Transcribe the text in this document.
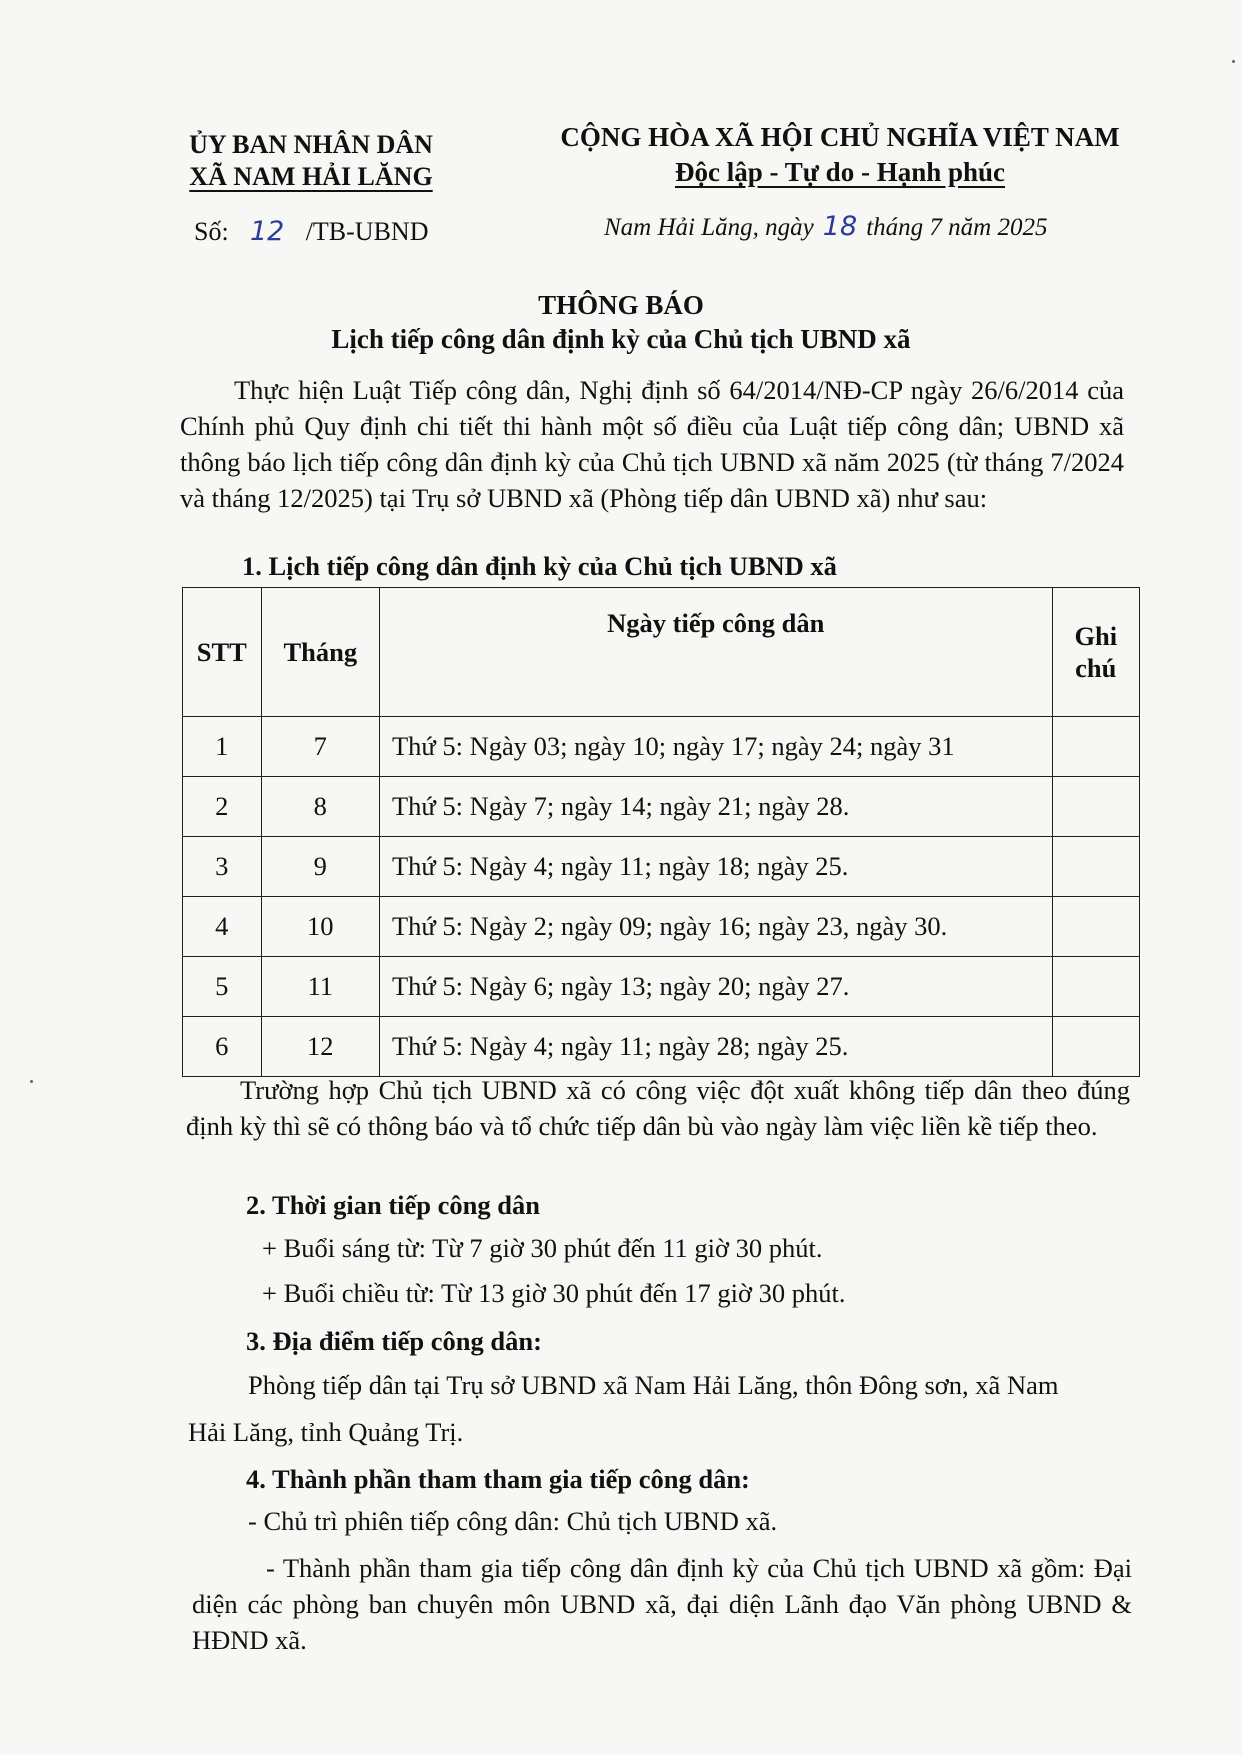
ỦY BAN NHÂN DÂN
XÃ NAM HẢI LĂNG
CỘNG HÒA XÃ HỘI CHỦ NGHĨA VIỆT NAM
Độc lập - Tự do - Hạnh phúc
Số: 12 /TB-UBND	Nam Hải Lăng, ngày 18 tháng 7 năm 2025
THÔNG BÁO
Lịch tiếp công dân định kỳ của Chủ tịch UBND xã
Thực hiện Luật Tiếp công dân, Nghị định số 64/2014/NĐ-CP ngày 26/6/2014 của Chính phủ Quy định chi tiết thi hành một số điều của Luật tiếp công dân; UBND xã thông báo lịch tiếp công dân định kỳ của Chủ tịch UBND xã năm 2025 (từ tháng 7/2024 và tháng 12/2025) tại Trụ sở UBND xã (Phòng tiếp dân UBND xã) như sau:
1. Lịch tiếp công dân định kỳ của Chủ tịch UBND xã
STT	Tháng	Ngày tiếp công dân	Ghi chú
1	7	Thứ 5: Ngày 03; ngày 10; ngày 17; ngày 24; ngày 31	
2	8	Thứ 5: Ngày 7; ngày 14; ngày 21; ngày 28.	
3	9	Thứ 5: Ngày 4; ngày 11; ngày 18; ngày 25.	
4	10	Thứ 5: Ngày 2; ngày 09; ngày 16; ngày 23, ngày 30.	
5	11	Thứ 5: Ngày 6; ngày 13; ngày 20; ngày 27.	
6	12	Thứ 5: Ngày 4; ngày 11; ngày 28; ngày 25.	
Trường hợp Chủ tịch UBND xã có công việc đột xuất không tiếp dân theo đúng định kỳ thì sẽ có thông báo và tổ chức tiếp dân bù vào ngày làm việc liền kề tiếp theo.
2. Thời gian tiếp công dân
+ Buổi sáng từ: Từ 7 giờ 30 phút đến 11 giờ 30 phút.
+ Buổi chiều từ: Từ 13 giờ 30 phút đến 17 giờ 30 phút.
3. Địa điểm tiếp công dân:
Phòng tiếp dân tại Trụ sở UBND xã Nam Hải Lăng, thôn Đông sơn, xã Nam
Hải Lăng, tỉnh Quảng Trị.
4. Thành phần tham tham gia tiếp công dân:
- Chủ trì phiên tiếp công dân: Chủ tịch UBND xã.
- Thành phần tham gia tiếp công dân định kỳ của Chủ tịch UBND xã gồm: Đại diện các phòng ban chuyên môn UBND xã, đại diện Lãnh đạo Văn phòng UBND & HĐND xã.
